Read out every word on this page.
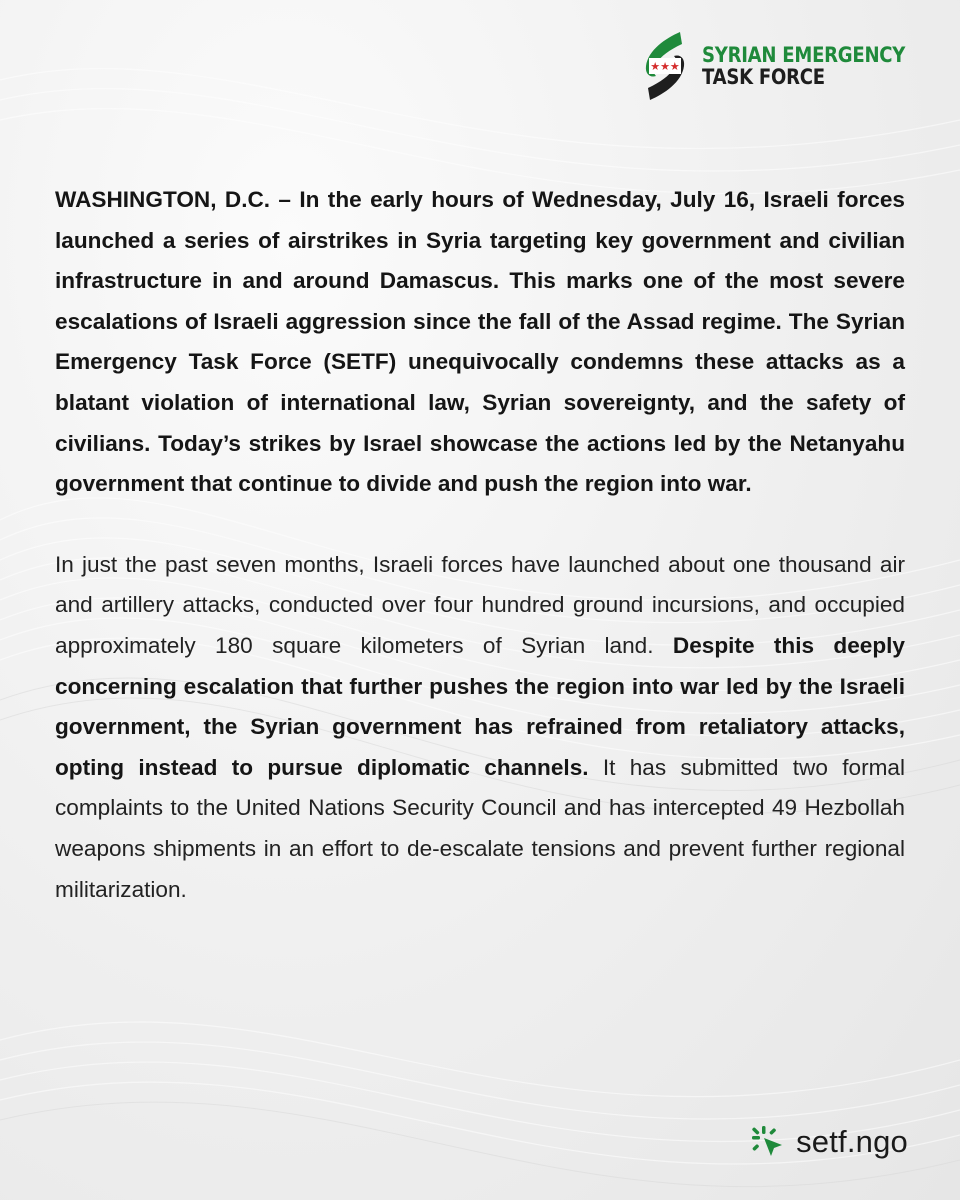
★★★ SYRIAN EMERGENCY
TASK FORCE

WASHINGTON, D.C. – In the early hours of Wednesday, July 16, Israeli forces launched a series of airstrikes in Syria targeting key government and civilian infrastructure in and around Damascus. This marks one of the most severe escalations of Israeli aggression since the fall of the Assad regime. The Syrian Emergency Task Force (SETF) unequivocally condemns these attacks as a blatant violation of international law, Syrian sovereignty, and the safety of civilians. Today’s strikes by Israel showcase the actions led by the Netanyahu government that continue to divide and push the region into war.

In just the past seven months, Israeli forces have launched about one thousand air and artillery attacks, conducted over four hundred ground incursions, and occupied approximately 180 square kilometers of Syrian land. Despite this deeply concerning escalation that further pushes the region into war led by the Israeli government, the Syrian government has refrained from retaliatory attacks, opting instead to pursue diplomatic channels. It has submitted two formal complaints to the United Nations Security Council and has intercepted 49 Hezbollah weapons shipments in an effort to de-escalate tensions and prevent further regional militarization.

setf.ngo
